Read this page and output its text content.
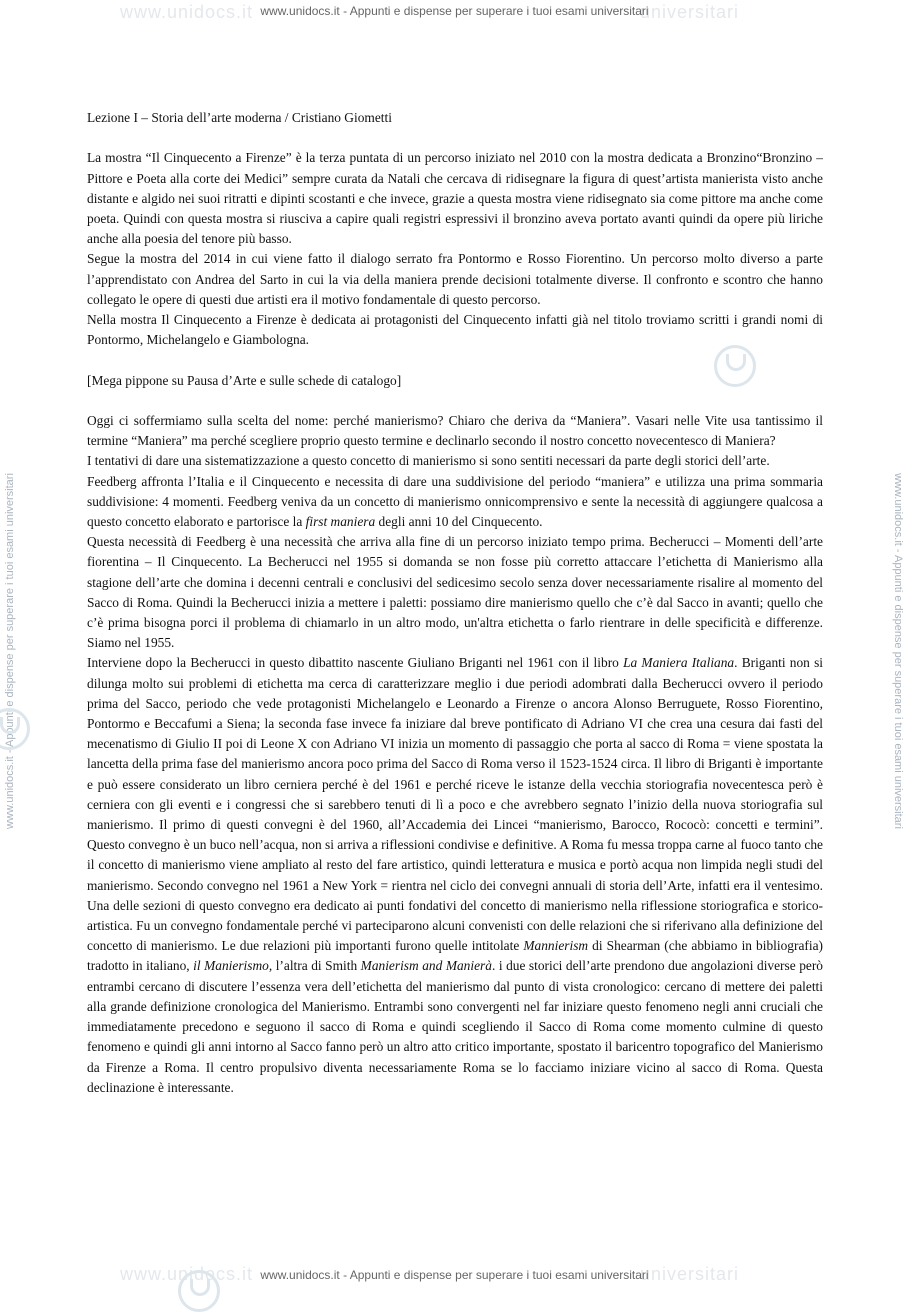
www.unidocs.it	universitari
www.unidocs.it - Appunti e dispense per superare i tuoi esami universitari
www.unidocs.it	universitari
www.unidocs.it - Appunti e dispense per superare i tuoi esami universitari
www.unidocs.it - Appunti e dispense per superare i tuoi esami universitari	www.unidocs.it - Appunti e dispense per superare i tuoi esami universitari

Lezione I – Storia dell’arte moderna / Cristiano Giometti

La mostra “Il Cinquecento a Firenze” è la terza puntata di un percorso iniziato nel 2010 con la mostra dedicata a Bronzino“Bronzino – Pittore e Poeta alla corte dei Medici” sempre curata da Natali che cercava di ridisegnare la figura di quest’artista manierista visto anche distante e algido nei suoi ritratti e dipinti scostanti e che invece, grazie a questa mostra viene ridisegnato sia come pittore ma anche come poeta. Quindi con questa mostra si riusciva a capire quali registri espressivi il bronzino aveva portato avanti quindi da opere più liriche anche alla poesia del tenore più basso.

Segue la mostra del 2014 in cui viene fatto il dialogo serrato fra Pontormo e Rosso Fiorentino. Un percorso molto diverso a parte l’apprendistato con Andrea del Sarto in cui la via della maniera prende decisioni totalmente diverse. Il confronto e scontro che hanno collegato le opere di questi due artisti era il motivo fondamentale di questo percorso.

Nella mostra Il Cinquecento a Firenze è dedicata ai protagonisti del Cinquecento infatti già nel titolo troviamo scritti i grandi nomi di Pontormo, Michelangelo e Giambologna.

[Mega pippone su Pausa d’Arte e sulle schede di catalogo]

Oggi ci soffermiamo sulla scelta del nome: perché manierismo? Chiaro che deriva da “Maniera”. Vasari nelle Vite usa tantissimo il termine “Maniera” ma perché scegliere proprio questo termine e declinarlo secondo il nostro concetto novecentesco di Maniera?

I tentativi di dare una sistematizzazione a questo concetto di manierismo si sono sentiti necessari da parte degli storici dell’arte.

Feedberg affronta l’Italia e il Cinquecento e necessita di dare una suddivisione del periodo “maniera” e utilizza una prima sommaria suddivisione: 4 momenti. Feedberg veniva da un concetto di manierismo onnicomprensivo e sente la necessità di aggiungere qualcosa a questo concetto elaborato e partorisce la first maniera degli anni 10 del Cinquecento.

Questa necessità di Feedberg è una necessità che arriva alla fine di un percorso iniziato tempo prima. Becherucci – Momenti dell’arte fiorentina – Il Cinquecento. La Becherucci nel 1955 si domanda se non fosse più corretto attaccare l’etichetta di Manierismo alla stagione dell’arte che domina i decenni centrali e conclusivi del sedicesimo secolo senza dover necessariamente risalire al momento del Sacco di Roma. Quindi la Becherucci inizia a mettere i paletti: possiamo dire manierismo quello che c’è dal Sacco in avanti; quello che c’è prima bisogna porci il problema di chiamarlo in un altro modo, un'altra etichetta o farlo rientrare in delle specificità e differenze. Siamo nel 1955.

Interviene dopo la Becherucci in questo dibattito nascente Giuliano Briganti nel 1961 con il libro La Maniera Italiana. Briganti non si dilunga molto sui problemi di etichetta ma cerca di caratterizzare meglio i due periodi adombrati dalla Becherucci ovvero il periodo prima del Sacco, periodo che vede protagonisti Michelangelo e Leonardo a Firenze o ancora Alonso Berruguete, Rosso Fiorentino, Pontormo e Beccafumi a Siena; la seconda fase invece fa iniziare dal breve pontificato di Adriano VI che crea una cesura dai fasti del mecenatismo di Giulio II poi di Leone X con Adriano VI inizia un momento di passaggio che porta al sacco di Roma = viene spostata la lancetta della prima fase del manierismo ancora poco prima del Sacco di Roma verso il 1523-1524 circa. Il libro di Briganti è importante e può essere considerato un libro cerniera perché è del 1961 e perché riceve le istanze della vecchia storiografia novecentesca però è cerniera con gli eventi e i congressi che si sarebbero tenuti di lì a poco e che avrebbero segnato l’inizio della nuova storiografia sul manierismo. Il primo di questi convegni è del 1960, all’Accademia dei Lincei “manierismo, Barocco, Rococò: concetti e termini”. Questo convegno è un buco nell’acqua, non si arriva a riflessioni condivise e definitive. A Roma fu messa troppa carne al fuoco tanto che il concetto di manierismo viene ampliato al resto del fare artistico, quindi letteratura e musica e portò acqua non limpida negli studi del manierismo. Secondo convegno nel 1961 a New York = rientra nel ciclo dei convegni annuali di storia dell’Arte, infatti era il ventesimo. Una delle sezioni di questo convegno era dedicato ai punti fondativi del concetto di manierismo nella riflessione storiografica e storico-artistica. Fu un convegno fondamentale perché vi parteciparono alcuni convenisti con delle relazioni che si riferivano alla definizione del concetto di manierismo. Le due relazioni più importanti furono quelle intitolate Mannierism di Shearman (che abbiamo in bibliografia) tradotto in italiano, il Manierismo, l’altra di Smith Manierism and Manierà. i due storici dell’arte prendono due angolazioni diverse però entrambi cercano di discutere l’essenza vera dell’etichetta del manierismo dal punto di vista cronologico: cercano di mettere dei paletti alla grande definizione cronologica del Manierismo. Entrambi sono convergenti nel far iniziare questo fenomeno negli anni cruciali che immediatamente precedono e seguono il sacco di Roma e quindi scegliendo il Sacco di Roma come momento culmine di questo fenomeno e quindi gli anni intorno al Sacco fanno però un altro atto critico importante, spostato il baricentro topografico del Manierismo da Firenze a Roma. Il centro propulsivo diventa necessariamente Roma se lo facciamo iniziare vicino al sacco di Roma. Questa declinazione è interessante.
